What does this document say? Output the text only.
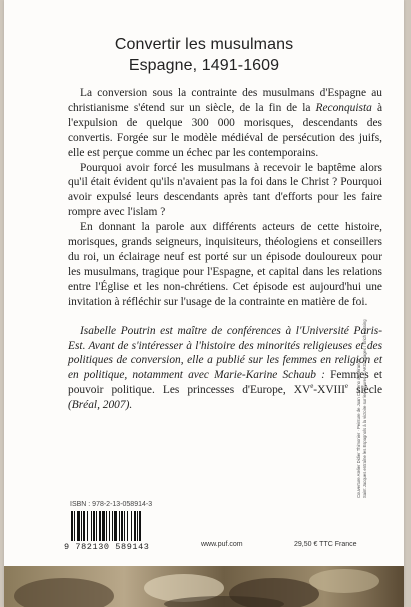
Convertir les musulmans
Espagne, 1491-1609

La conversion sous la contrainte des musulmans d'Espagne au christianisme s'étend sur un siècle, de la fin de la Reconquista à l'expulsion de quelque 300 000 morisques, descendants des convertis. Forgée sur le modèle médiéval de persécution des juifs, elle est perçue comme un échec par les contemporains.

Pourquoi avoir forcé les musulmans à recevoir le baptême alors qu'il était évident qu'ils n'avaient pas la foi dans le Christ ? Pourquoi avoir expulsé leurs descendants après tant d'efforts pour les faire rompre avec l'islam ?

En donnant la parole aux différents acteurs de cette histoire, morisques, grands seigneurs, inquisiteurs, théologiens et conseillers du roi, un éclairage neuf est porté sur un épisode douloureux pour les musulmans, tragique pour l'Espagne, et capital dans les relations entre l'Église et les non-chrétiens. Cet épisode est aujourd'hui une invitation à réfléchir sur l'usage de la contrainte en matière de foi.

Isabelle Poutrin est maître de conférences à l'Université Paris-Est. Avant de s'intéresser à l'histoire des minorités religieuses et des politiques de conversion, elle a publié sur les femmes en religion et en politique, notamment avec Marie-Karine Schaub : Femmes et pouvoir politique. Les princesses d'Europe, XVe-XVIIIe siècle (Bréal, 2007).

ISBN : 978-2-13-058914-3
9 782130 589143	www.puf.com	29,50 € TTC France
Couverture Atelier Didier Thimonier · Peinture de Juan Carreno de Miranda, Saint Jacques entraîne les Espagnols à la victoire sur les Maures © AKG-images / Erich Lessing
